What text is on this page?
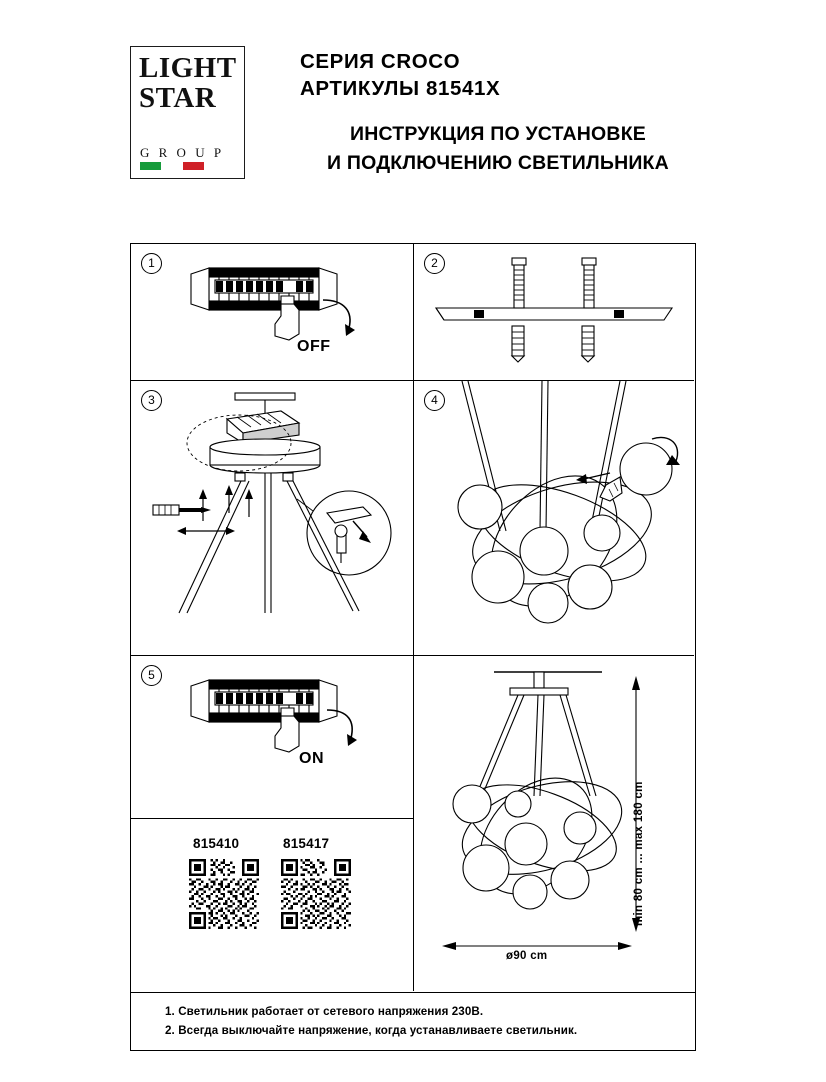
LIGHT
STAR
G R O U P
СЕРИЯ CROCO
АРТИКУЛЫ 81541X
ИНСТРУКЦИЯ ПО УСТАНОВКЕ
И ПОДКЛЮЧЕНИЮ СВЕТИЛЬНИКА
1
OFF
2
3	4
5
ON
815410	815417	min 80 cm ... max 180 cm
ø90 cm
1. Светильник работает от сетевого напряжения 230В.
2. Всегда выключайте напряжение, когда устанавливаете светильник.
